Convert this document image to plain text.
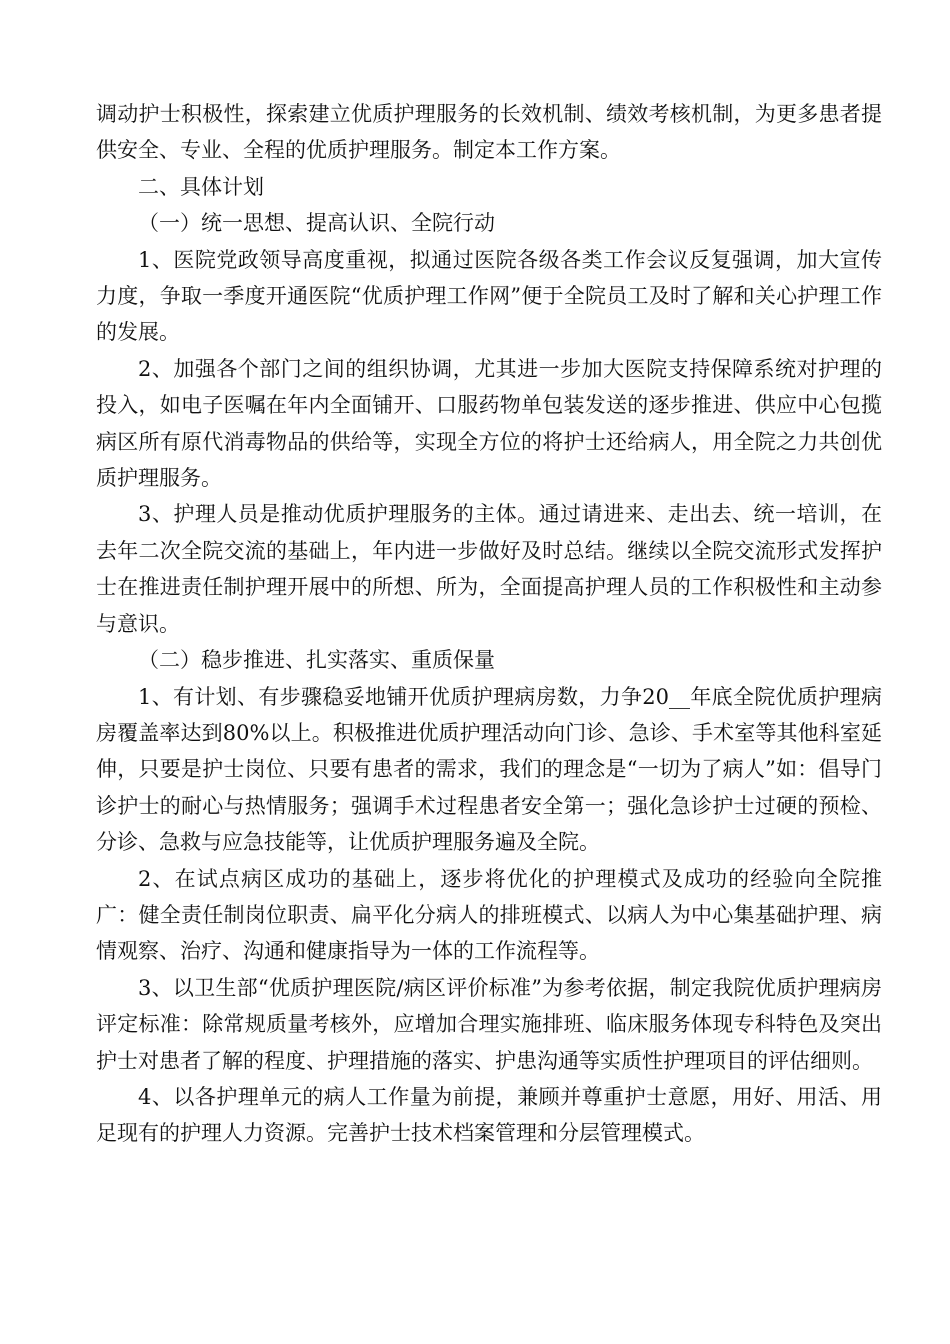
调动护士积极性，探索建立优质护理服务的长效机制、绩效考核机制，为更多患者提供安全、专业、全程的优质护理服务。制定本工作方案。

二、具体计划

（一）统一思想、提高认识、全院行动

1、医院党政领导高度重视，拟通过医院各级各类工作会议反复强调，加大宣传力度，争取一季度开通医院“优质护理工作网”便于全院员工及时了解和关心护理工作的发展。

2、加强各个部门之间的组织协调，尤其进一步加大医院支持保障系统对护理的投入，如电子医嘱在年内全面铺开、口服药物单包装发送的逐步推进、供应中心包揽病区所有原代消毒物品的供给等，实现全方位的将护士还给病人，用全院之力共创优质护理服务。

3、护理人员是推动优质护理服务的主体。通过请进来、走出去、统一培训，在去年二次全院交流的基础上，年内进一步做好及时总结。继续以全院交流形式发挥护士在推进责任制护理开展中的所想、所为，全面提高护理人员的工作积极性和主动参与意识。

（二）稳步推进、扎实落实、重质保量

1、有计划、有步骤稳妥地铺开优质护理病房数，力争20__年底全院优质护理病房覆盖率达到80%以上。积极推进优质护理活动向门诊、急诊、手术室等其他科室延伸，只要是护士岗位、只要有患者的需求，我们的理念是“一切为了病人”如：倡导门诊护士的耐心与热情服务；强调手术过程患者安全第一；强化急诊护士过硬的预检、分诊、急救与应急技能等，让优质护理服务遍及全院。

2、在试点病区成功的基础上，逐步将优化的护理模式及成功的经验向全院推广：健全责任制岗位职责、扁平化分病人的排班模式、以病人为中心集基础护理、病情观察、治疗、沟通和健康指导为一体的工作流程等。

3、以卫生部“优质护理医院/病区评价标准”为参考依据，制定我院优质护理病房评定标准：除常规质量考核外，应增加合理实施排班、临床服务体现专科特色及突出护士对患者了解的程度、护理措施的落实、护患沟通等实质性护理项目的评估细则。

4、以各护理单元的病人工作量为前提，兼顾并尊重护士意愿，用好、用活、用足现有的护理人力资源。完善护士技术档案管理和分层管理模式。
